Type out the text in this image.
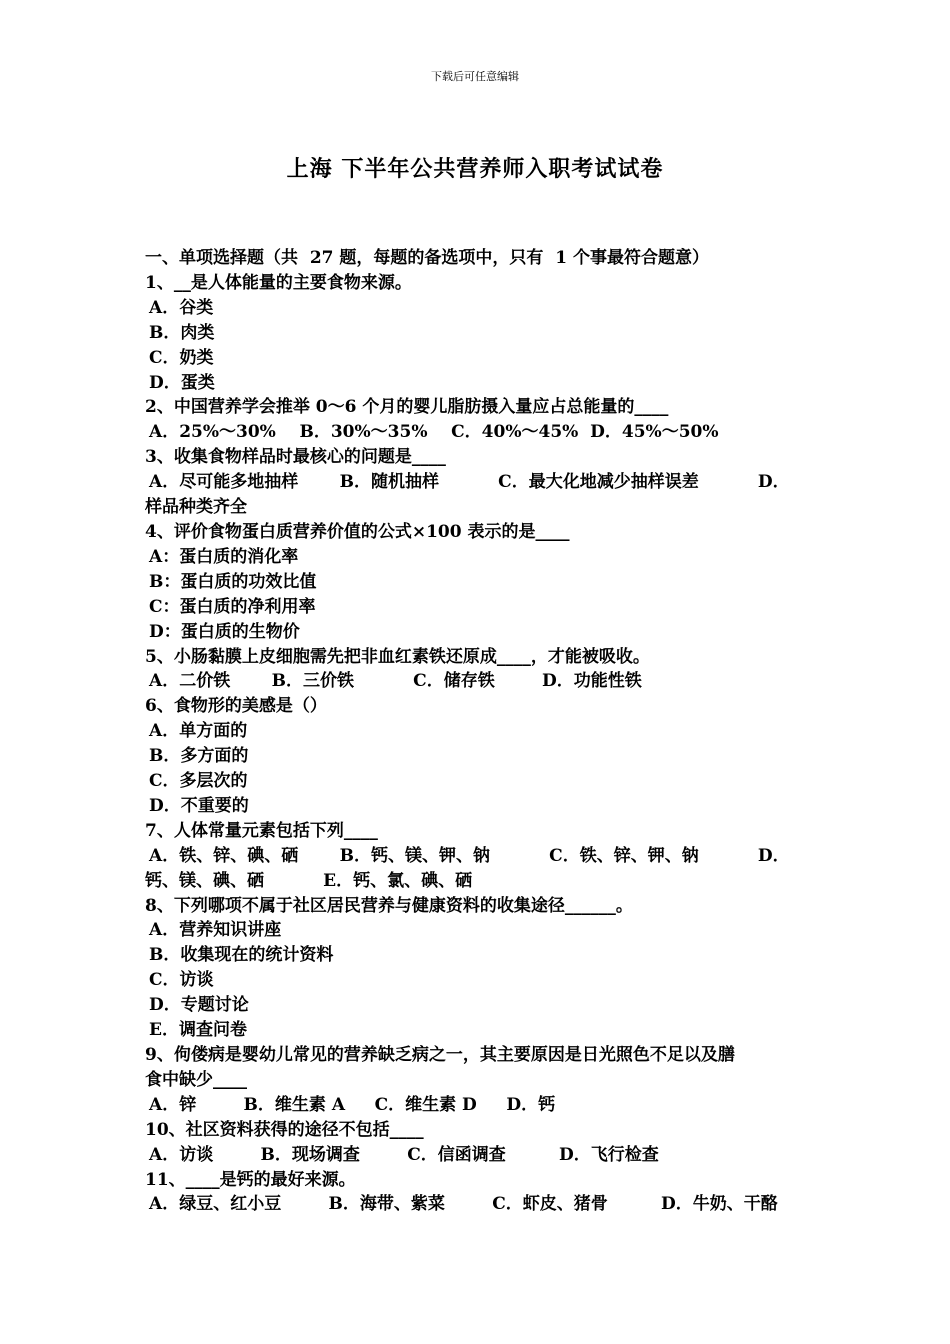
下载后可任意编辑
上海 下半年公共营养师入职考试试卷
一、单项选择题（共  27 题，每题的备选项中，只有  1 个事最符合题意）
1、__是人体能量的主要食物来源。
A．谷类
B．肉类
C．奶类
D．蛋类
2、中国营养学会推举 0～6 个月的婴儿脂肪摄入量应占总能量的____
A．25%～30%    B．30%～35%    C．40%～45%  D．45%～50%
3、收集食物样品时最核心的问题是____
A．尽可能多地抽样       B．随机抽样          C．最大化地减少抽样误差          D．
样品种类齐全
4、评价食物蛋白质营养价值的公式×100 表示的是____
A：蛋白质的消化率
B：蛋白质的功效比值
C：蛋白质的净利用率
D：蛋白质的生物价
5、小肠黏膜上皮细胞需先把非血红素铁还原成____，才能被吸收。
A．二价铁       B．三价铁          C．储存铁        D．功能性铁
6、食物形的美感是（）
A．单方面的
B．多方面的
C．多层次的
D．不重要的
7、人体常量元素包括下列____
A．铁、锌、碘、硒       B．钙、镁、钾、钠          C．铁、锌、钾、钠          D．
钙、镁、碘、硒          E．钙、氯、碘、硒
8、下列哪项不属于社区居民营养与健康资料的收集途径______。
A．营养知识讲座
B．收集现在的统计资料
C．访谈
D．专题讨论
E．调查问卷
9、佝偻病是婴幼儿常见的营养缺乏病之一，其主要原因是日光照色不足以及膳
食中缺少____
A．锌        B．维生素 A     C．维生素 D     D．钙
10、社区资料获得的途径不包括____
A．访谈        B．现场调查        C．信函调查         D．飞行检查
11、____是钙的最好来源。
A．绿豆、红小豆        B．海带、紫菜        C．虾皮、猪骨         D．牛奶、干酪
